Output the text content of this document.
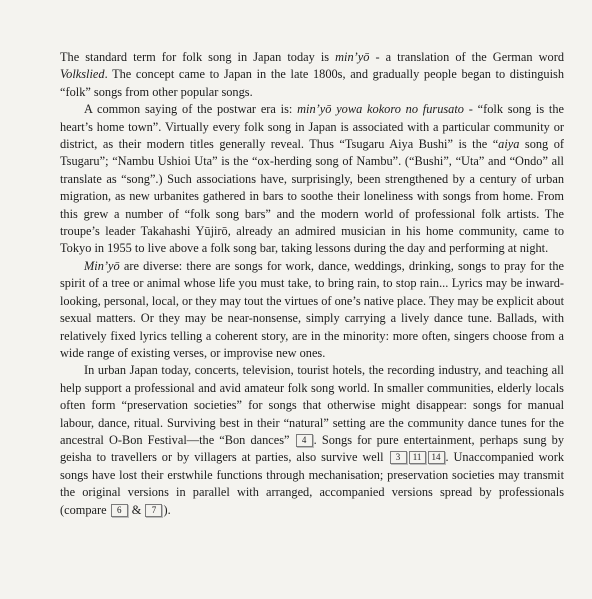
The standard term for folk song in Japan today is min’yō - a translation of the German word Volkslied. The concept came to Japan in the late 1800s, and gradually people began to distinguish “folk” songs from other popular songs.

A common saying of the postwar era is: min’yō yowa kokoro no furusato - “folk song is the heart’s home town”. Virtually every folk song in Japan is associated with a particular community or district, as their modern titles generally reveal. Thus “Tsugaru Aiya Bushi” is the “aiya song of Tsugaru”; “Nambu Ushioi Uta” is the “ox-herding song of Nambu”. (“Bushi”, “Uta” and “Ondo” all translate as “song”.) Such associations have, surprisingly, been strengthened by a century of urban migration, as new urbanites gathered in bars to soothe their loneliness with songs from home. From this grew a number of “folk song bars” and the modern world of professional folk artists. The troupe’s leader Takahashi Yūjirō, already an admired musician in his home community, came to Tokyo in 1955 to live above a folk song bar, taking lessons during the day and performing at night.

Min’yō are diverse: there are songs for work, dance, weddings, drinking, songs to pray for the spirit of a tree or animal whose life you must take, to bring rain, to stop rain... Lyrics may be inward-looking, personal, local, or they may tout the virtues of one’s native place. They may be explicit about sexual matters. Or they may be near-nonsense, simply carrying a lively dance tune. Ballads, with relatively fixed lyrics telling a coherent story, are in the minority: more often, singers choose from a wide range of existing verses, or improvise new ones.

In urban Japan today, concerts, television, tourist hotels, the recording industry, and teaching all help support a professional and avid amateur folk song world. In smaller communities, elderly locals often form “preservation societies” for songs that otherwise might disappear: songs for manual labour, dance, ritual. Surviving best in their “natural” setting are the community dance tunes for the ancestral O-Bon Festival—the “Bon dances” 4 . Songs for pure entertainment, perhaps sung by geisha to travellers or by villagers at parties, also survive well 3 11 14 . Unaccompanied work songs have lost their erstwhile functions through mechanisation; preservation societies may transmit the original versions in parallel with arranged, accompanied versions spread by professionals (compare 6 & 7 ).
